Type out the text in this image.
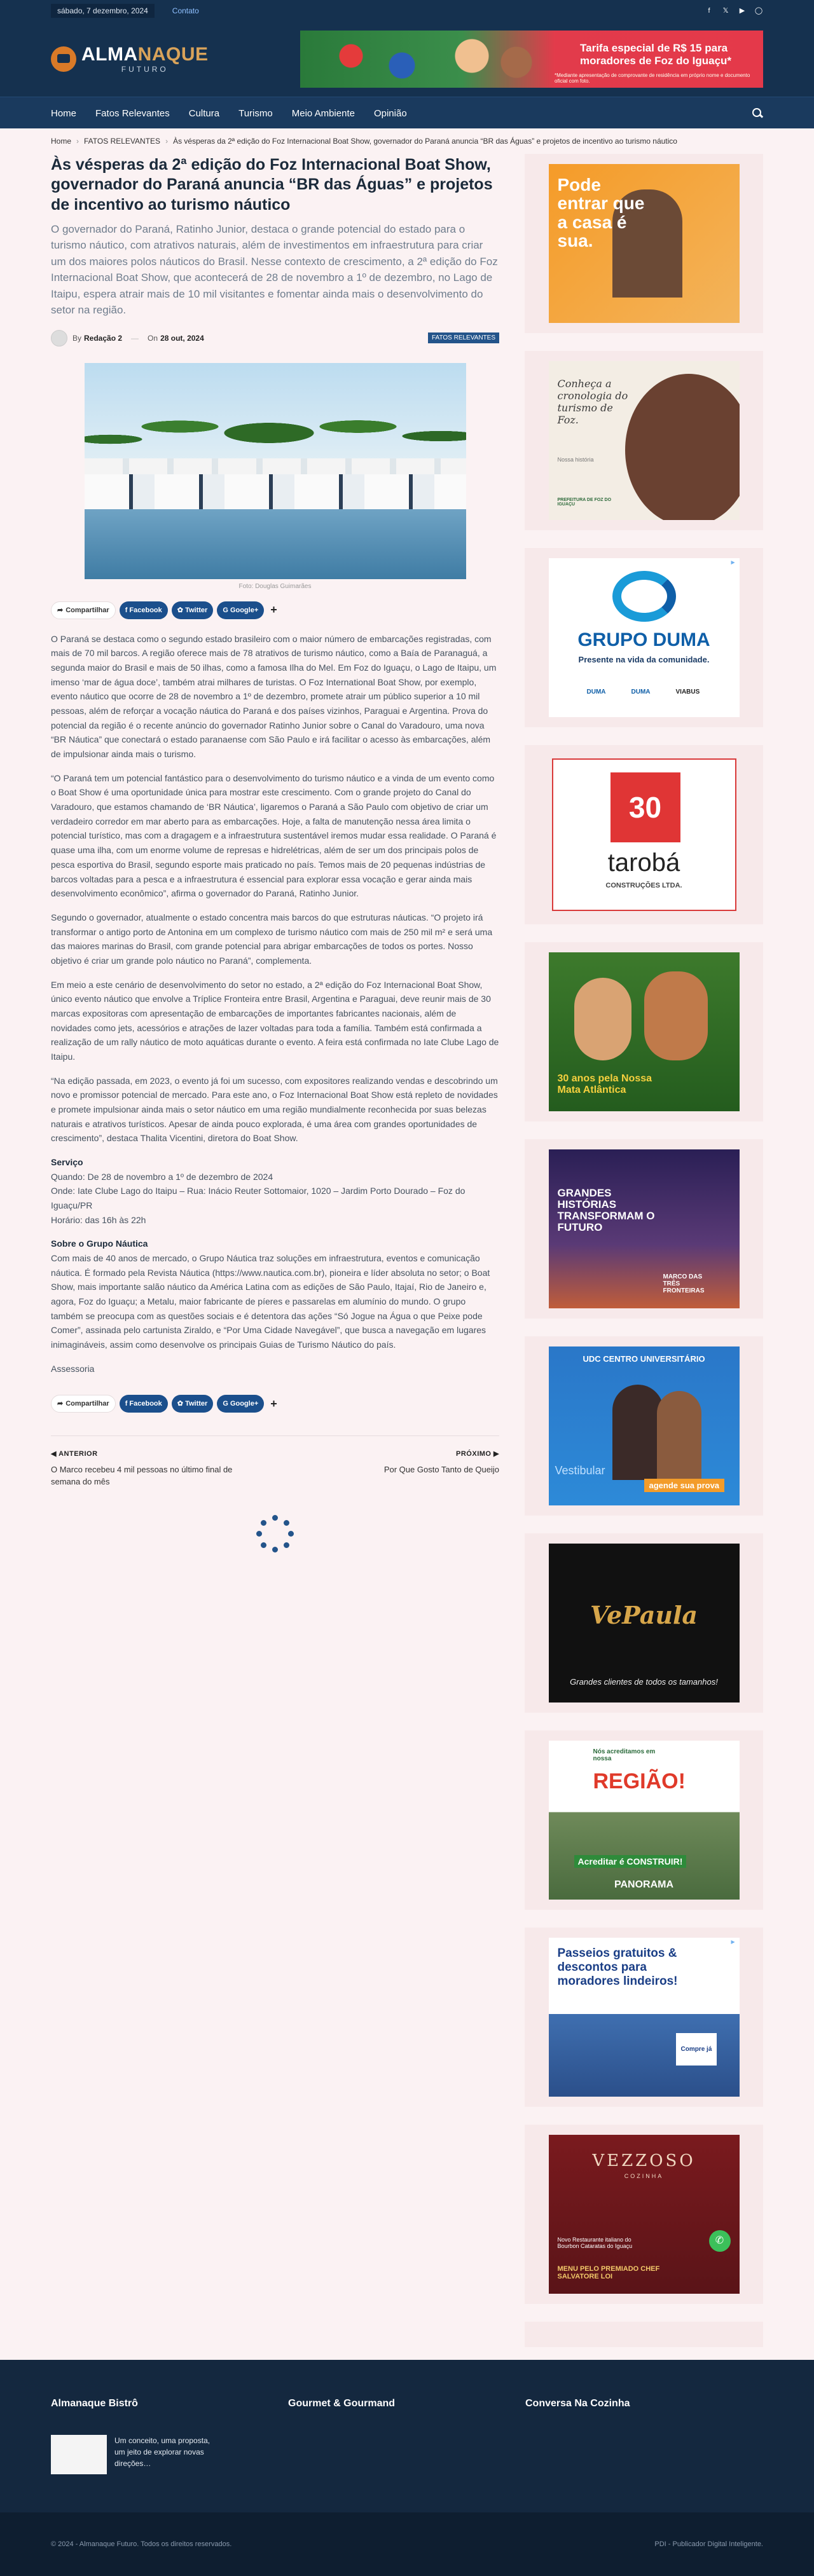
sábado, 7 dezembro, 2024	Contato	f	𝕏 ▶ ◯
ALMANAQUE
FUTURO
Tarifa especial de R$ 15 para moradores de Foz do Iguaçu*
*Mediante apresentação de comprovante de residência em próprio nome e documento oficial com foto.
Home Fatos Relevantes Cultura Turismo Meio Ambiente Opinião
Home › FATOS RELEVANTES › Às vésperas da 2ª edição do Foz Internacional Boat Show, governador do Paraná anuncia “BR das Águas” e projetos de incentivo ao turismo náutico
Às vésperas da 2ª edição do Foz Internacional Boat Show, governador do Paraná anuncia “BR das Águas” e projetos de incentivo ao turismo náutico

O governador do Paraná, Ratinho Junior, destaca o grande potencial do estado para o turismo náutico, com atrativos naturais, além de investimentos em infraestrutura para criar um dos maiores polos náuticos do Brasil. Nesse contexto de crescimento, a 2ª edição do Foz Internacional Boat Show, que acontecerá de 28 de novembro a 1º de dezembro, no Lago de Itaipu, espera atrair mais de 10 mil visitantes e fomentar ainda mais o desenvolvimento do setor na região.

By Redação 2 — On 28 out, 2024	FATOS RELEVANTES
Foto: Douglas Guimarães
➦ Compartilhar	f Facebook	✿ Twitter	G Google+	+

O Paraná se destaca como o segundo estado brasileiro com o maior número de embarcações registradas, com mais de 70 mil barcos. A região oferece mais de 78 atrativos de turismo náutico, como a Baía de Paranaguá, a segunda maior do Brasil e mais de 50 ilhas, como a famosa Ilha do Mel. Em Foz do Iguaçu, o Lago de Itaipu, um imenso ‘mar de água doce’, também atrai milhares de turistas. O Foz International Boat Show, por exemplo, evento náutico que ocorre de 28 de novembro a 1º de dezembro, promete atrair um público superior a 10 mil pessoas, além de reforçar a vocação náutica do Paraná e dos países vizinhos, Paraguai e Argentina. Prova do potencial da região é o recente anúncio do governador Ratinho Junior sobre o Canal do Varadouro, uma nova “BR Náutica” que conectará o estado paranaense com São Paulo e irá facilitar o acesso às embarcações, além de impulsionar ainda mais o turismo.

“O Paraná tem um potencial fantástico para o desenvolvimento do turismo náutico e a vinda de um evento como o Boat Show é uma oportunidade única para mostrar este crescimento. Com o grande projeto do Canal do Varadouro, que estamos chamando de ‘BR Náutica’, ligaremos o Paraná a São Paulo com objetivo de criar um verdadeiro corredor em mar aberto para as embarcações. Hoje, a falta de manutenção nessa área limita o potencial turístico, mas com a dragagem e a infraestrutura sustentável iremos mudar essa realidade. O Paraná é quase uma ilha, com um enorme volume de represas e hidrelétricas, além de ser um dos principais polos de pesca esportiva do Brasil, segundo esporte mais praticado no país. Temos mais de 20 pequenas indústrias de barcos voltadas para a pesca e a infraestrutura é essencial para explorar essa vocação e gerar ainda mais desenvolvimento econômico”, afirma o governador do Paraná, Ratinho Junior.

Segundo o governador, atualmente o estado concentra mais barcos do que estruturas náuticas. “O projeto irá transformar o antigo porto de Antonina em um complexo de turismo náutico com mais de 250 mil m² e será uma das maiores marinas do Brasil, com grande potencial para abrigar embarcações de todos os portes. Nosso objetivo é criar um grande polo náutico no Paraná”, complementa.

Em meio a este cenário de desenvolvimento do setor no estado, a 2ª edição do Foz Internacional Boat Show, único evento náutico que envolve a Tríplice Fronteira entre Brasil, Argentina e Paraguai, deve reunir mais de 30 marcas expositoras com apresentação de embarcações de importantes fabricantes nacionais, além de novidades como jets, acessórios e atrações de lazer voltadas para toda a família. Também está confirmada a realização de um rally náutico de moto aquáticas durante o evento. A feira está confirmada no Iate Clube Lago de Itaipu.

“Na edição passada, em 2023, o evento já foi um sucesso, com expositores realizando vendas e descobrindo um novo e promissor potencial de mercado. Para este ano, o Foz Internacional Boat Show está repleto de novidades e promete impulsionar ainda mais o setor náutico em uma região mundialmente reconhecida por suas belezas naturais e atrativos turísticos. Apesar de ainda pouco explorada, é uma área com grandes oportunidades de crescimento”, destaca Thalita Vicentini, diretora do Boat Show.

Serviço

Quando: De 28 de novembro a 1º de dezembro de 2024

Onde: Iate Clube Lago do Itaipu – Rua: Inácio Reuter Sottomaior, 1020 – Jardim Porto Dourado – Foz do Iguaçu/PR

Horário: das 16h às 22h

Sobre o Grupo Náutica

Com mais de 40 anos de mercado, o Grupo Náutica traz soluções em infraestrutura, eventos e comunicação náutica. É formado pela Revista Náutica (https://www.nautica.com.br), pioneira e líder absoluta no setor; o Boat Show, mais importante salão náutico da América Latina com as edições de São Paulo, Itajaí, Rio de Janeiro e, agora, Foz do Iguaçu; a Metalu, maior fabricante de píeres e passarelas em alumínio do mundo. O grupo também se preocupa com as questões sociais e é detentora das ações “Só Jogue na Água o que Peixe pode Comer”, assinada pelo cartunista Ziraldo, e “Por Uma Cidade Navegável”, que busca a navegação em lugares inimagináveis, assim como desenvolve os principais Guias de Turismo Náutico do país.

Assessoria

➦ Compartilhar	f Facebook	✿ Twitter	G Google+	+
◀ ANTERIOR
O Marco recebeu 4 mil pessoas no último final de semana do mês
PRÓXIMO ▶
Por Que Gosto Tanto de Queijo
Pode entrar que a casa é sua.
Conheça a cronologia do turismo de Foz.
Nossa história
PREFEITURA DE FOZ DO IGUAÇU
▶
GRUPO DUMA
Presente na vida da comunidade.
DUMA	DUMA	VIABUS
30
tarobá
CONSTRUÇÕES LTDA.
30 anos pela Nossa Mata Atlântica
GRANDES HISTÓRIAS TRANSFORMAM O FUTURO
MARCO DAS TRÊS FRONTEIRAS
UDC CENTRO UNIVERSITÁRIO
Vestibular
agende sua prova
VePaula
Grandes clientes de todos os tamanhos!
Nós acreditamos em nossa
REGIÃO!
Acreditar é CONSTRUIR!
PANORAMA
▶
Passeios gratuitos & descontos para moradores lindeiros!
Compre já
VEZZOSO
COZINHA
Novo Restaurante italiano do Bourbon Cataratas do Iguaçu
MENU PELO PREMIADO CHEF SALVATORE LOI
✆
Almanaque Bistrô

Um conceito, uma proposta, um jeito de explorar novas direções…

Gourmet & Gourmand	Conversa Na Cozinha
© 2024 - Almanaque Futuro. Todos os direitos reservados.	PDI - Publicador Digital Inteligente.
